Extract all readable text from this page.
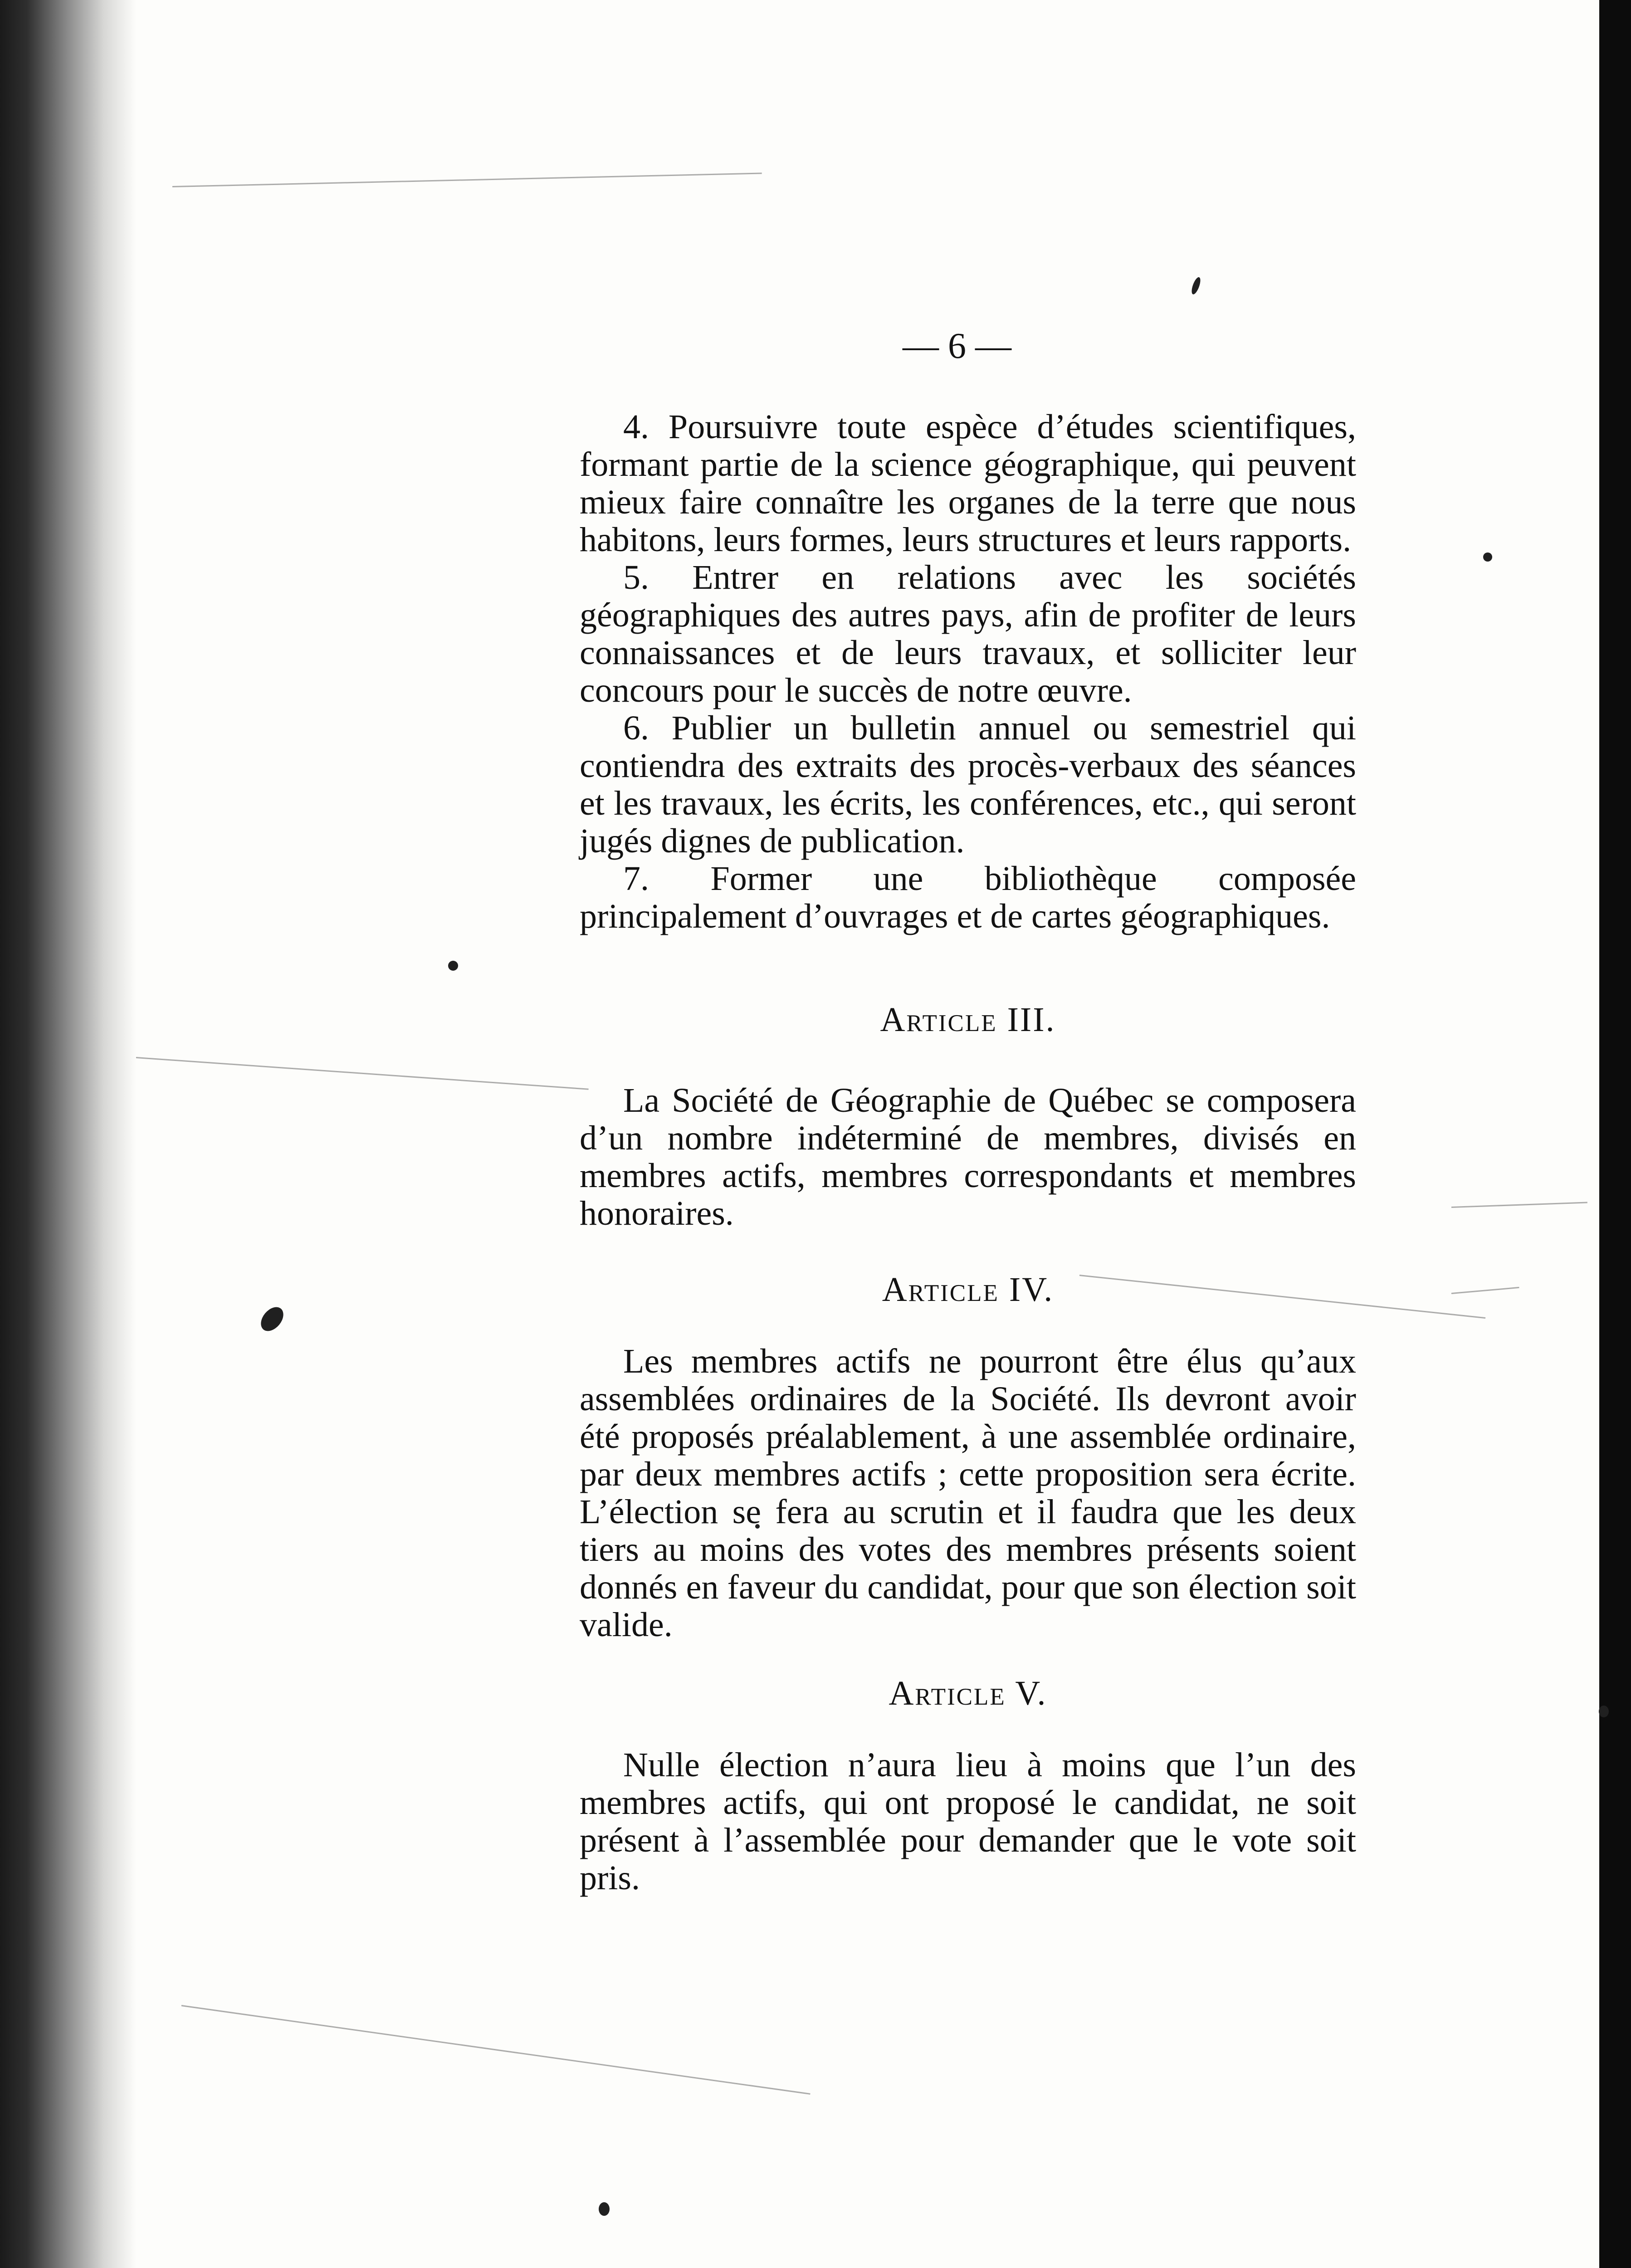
— 6 —

4. Poursuivre toute espèce d’études scientifiques, formant partie de la science géographique, qui peuvent mieux faire connaître les organes de la terre que nous habitons, leurs formes, leurs structures et leurs rapports.

5. Entrer en relations avec les sociétés géographiques des autres pays, afin de profiter de leurs connaissances et de leurs travaux, et solliciter leur concours pour le succès de notre œuvre.

6. Publier un bulletin annuel ou semestriel qui contiendra des extraits des procès-verbaux des séances et les travaux, les écrits, les conférences, etc., qui seront jugés dignes de publication.

7. Former une bibliothèque composée principalement d’ouvrages et de cartes géographiques.

Article III.

La Société de Géographie de Québec se composera d’un nombre indéterminé de membres, divisés en membres actifs, membres correspondants et membres honoraires.

Article IV.

Les membres actifs ne pourront être élus qu’aux assemblées ordinaires de la Société. Ils devront avoir été proposés préalablement, à une assemblée ordinaire, par deux membres actifs ; cette proposition sera écrite. L’élection se fera au scrutin et il faudra que les deux tiers au moins des votes des membres présents soient donnés en faveur du candidat, pour que son élection soit valide.

Article V.

Nulle élection n’aura lieu à moins que l’un des membres actifs, qui ont proposé le candidat, ne soit présent à l’assemblée pour demander que le vote soit pris.
